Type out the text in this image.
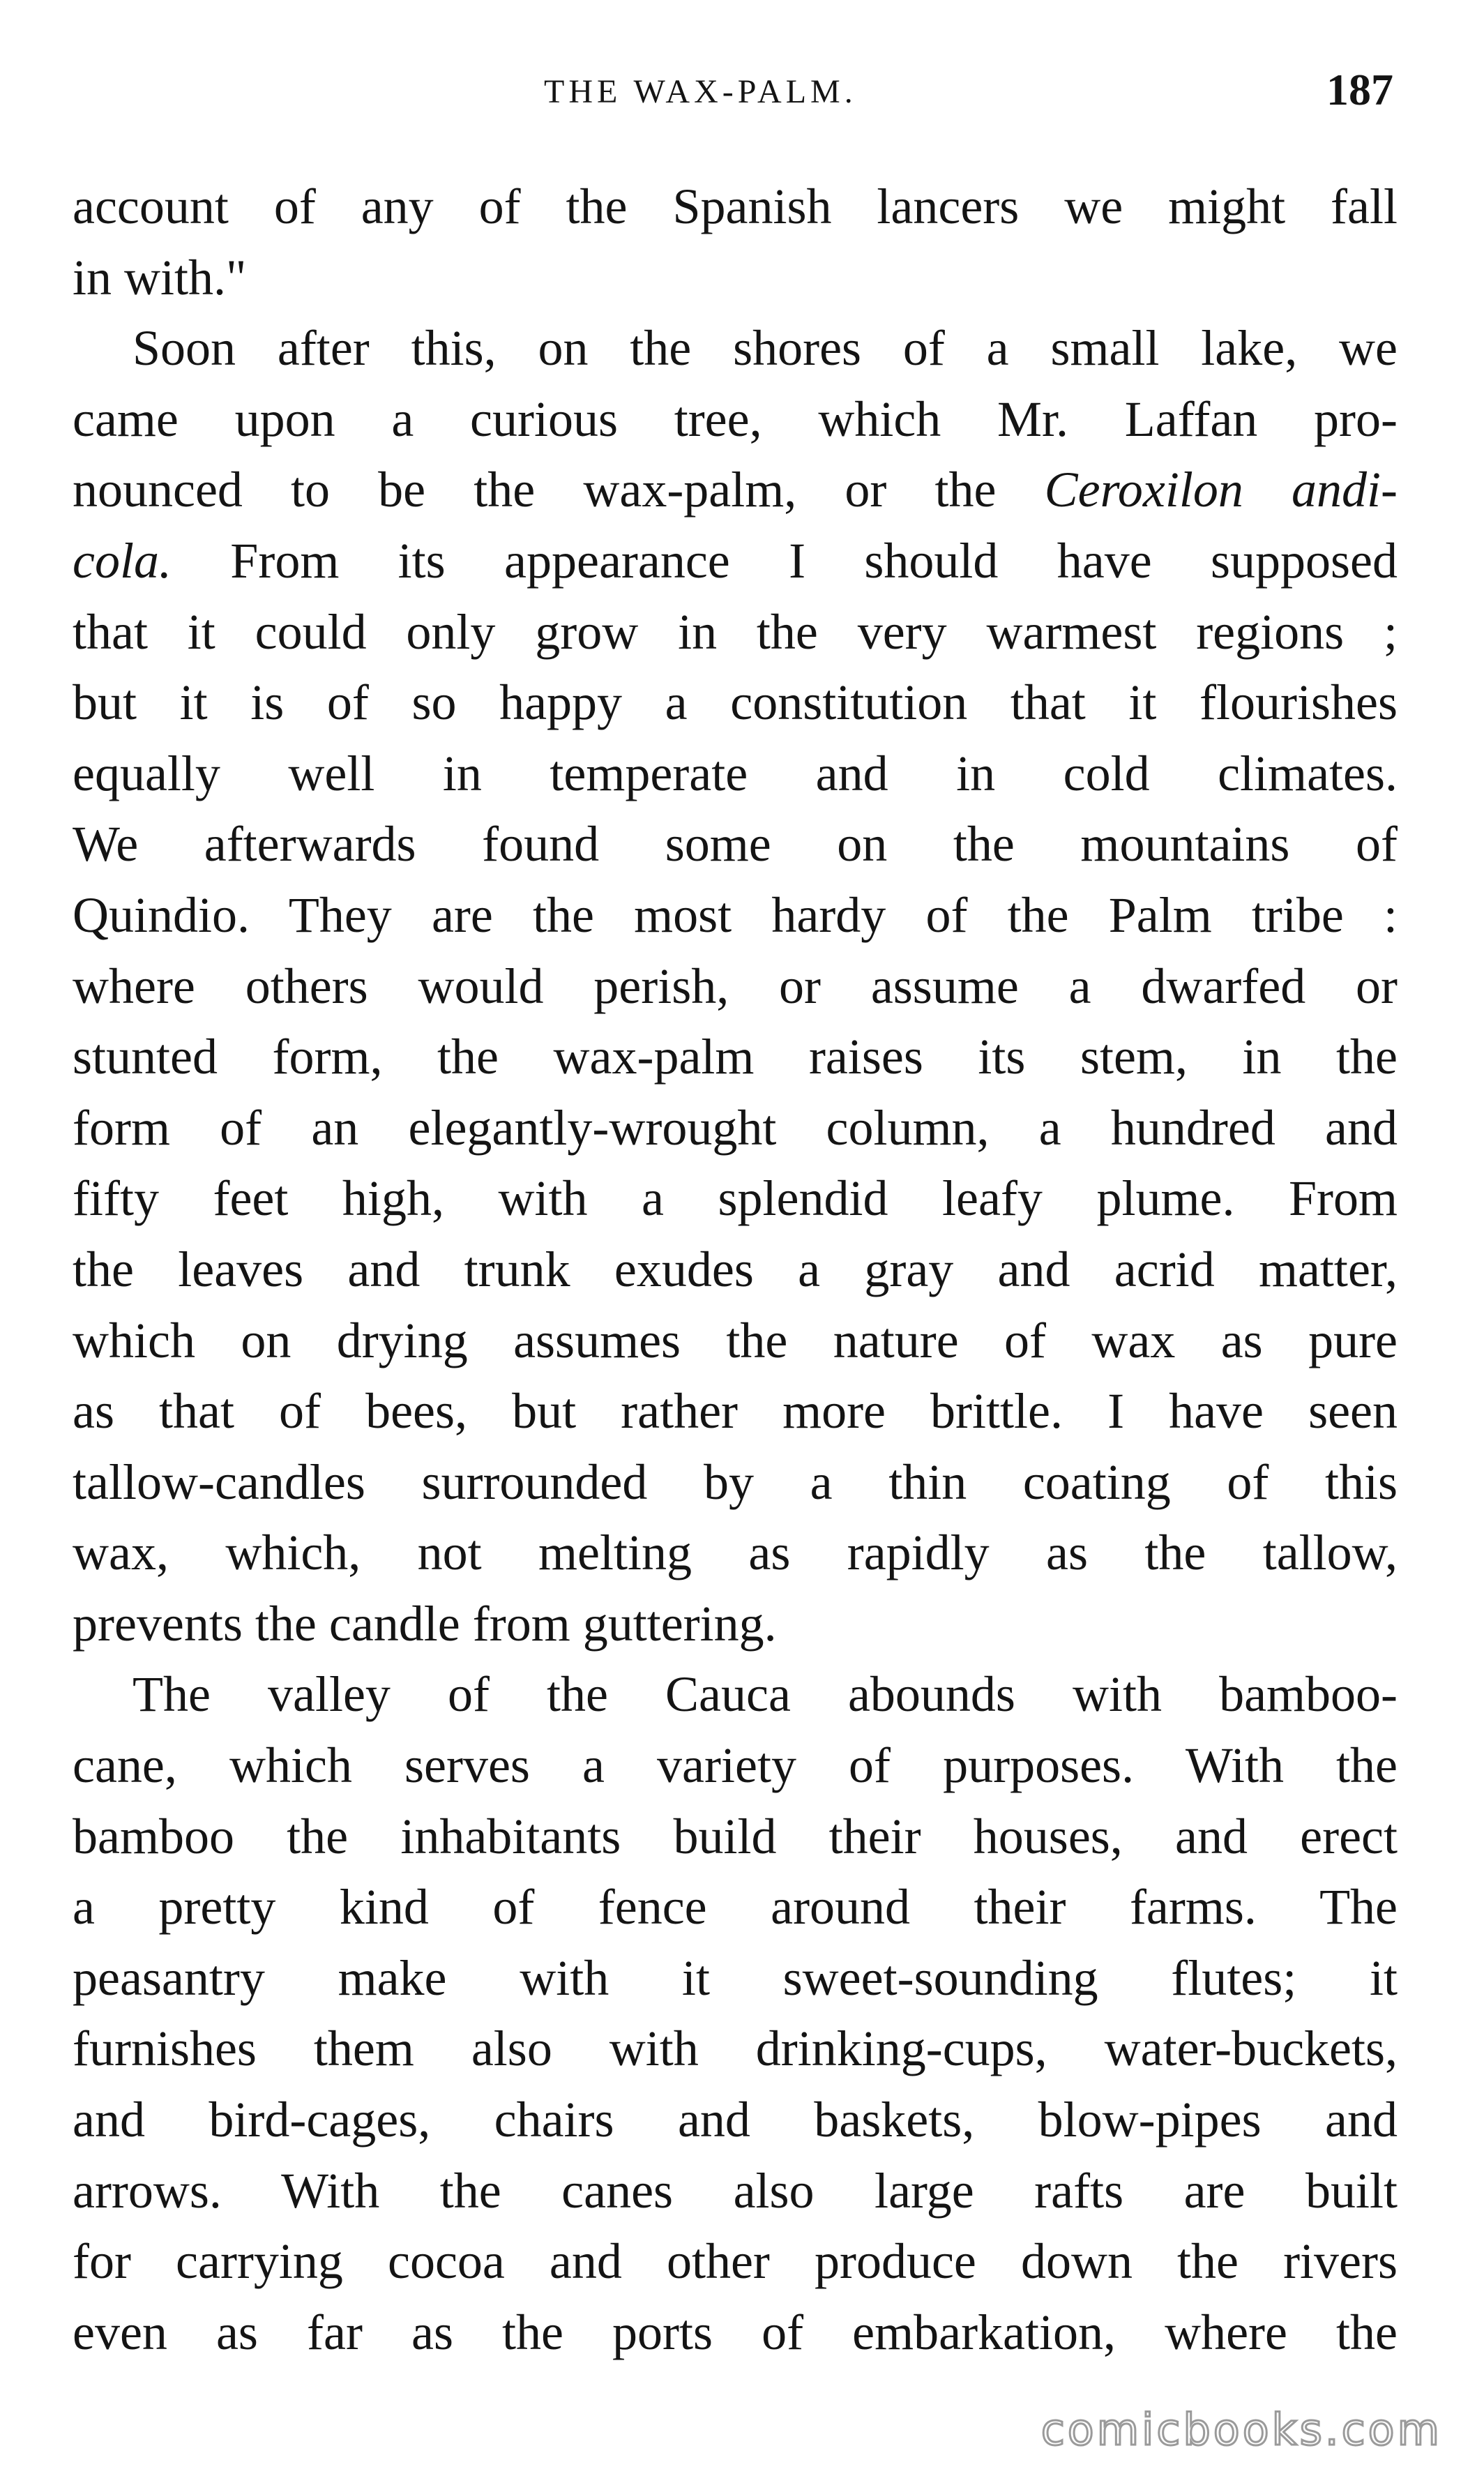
THE WAX-PALM.	187
account of any of the Spanish lancers we might fall
in with."
Soon after this, on the shores of a small lake, we
came upon a curious tree, which Mr. Laffan pro-
nounced to be the wax-palm, or the Ceroxilon andi-
cola. From its appearance I should have supposed
that it could only grow in the very warmest regions ;
but it is of so happy a constitution that it flourishes
equally well in temperate and in cold climates.
We afterwards found some on the mountains of
Quindio. They are the most hardy of the Palm tribe :
where others would perish, or assume a dwarfed or
stunted form, the wax-palm raises its stem, in the
form of an elegantly-wrought column, a hundred and
fifty feet high, with a splendid leafy plume. From
the leaves and trunk exudes a gray and acrid matter,
which on drying assumes the nature of wax as pure
as that of bees, but rather more brittle. I have seen
tallow-candles surrounded by a thin coating of this
wax, which, not melting as rapidly as the tallow,
prevents the candle from guttering.
The valley of the Cauca abounds with bamboo-
cane, which serves a variety of purposes. With the
bamboo the inhabitants build their houses, and erect
a pretty kind of fence around their farms. The
peasantry make with it sweet-sounding flutes; it
furnishes them also with drinking-cups, water-buckets,
and bird-cages, chairs and baskets, blow-pipes and
arrows. With the canes also large rafts are built
for carrying cocoa and other produce down the rivers
even as far as the ports of embarkation, where the
comicbooks.com
